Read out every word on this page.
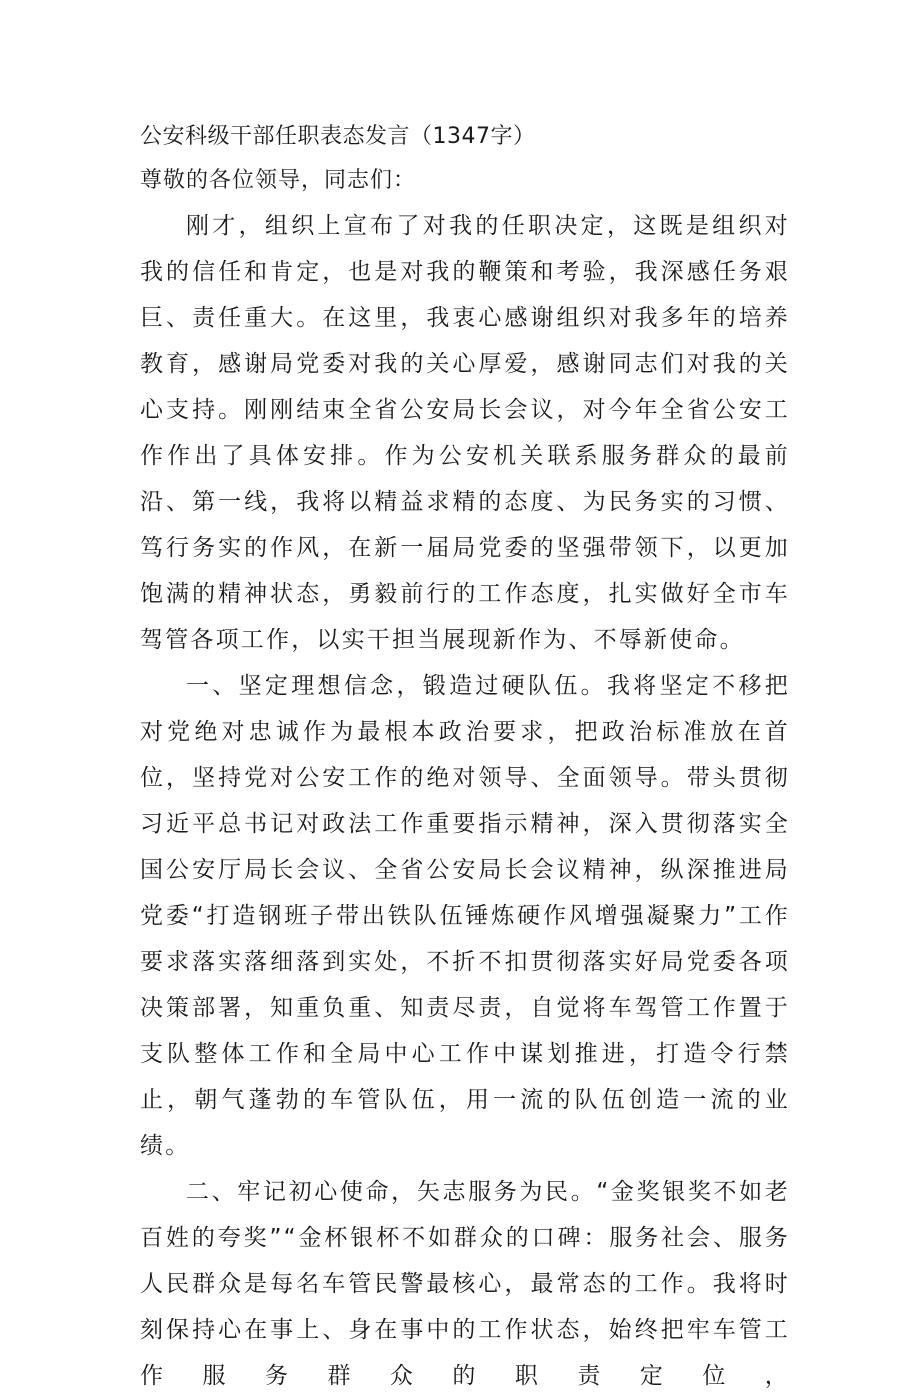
公安科级干部任职表态发言（1347字）
尊敬的各位领导，同志们：

刚才，组织上宣布了对我的任职决定，这既是组织对我的信任和肯定，也是对我的鞭策和考验，我深感任务艰巨、责任重大。在这里，我衷心感谢组织对我多年的培养教育，感谢局党委对我的关心厚爱，感谢同志们对我的关心支持。刚刚结束全省公安局长会议，对今年全省公安工作作出了具体安排。作为公安机关联系服务群众的最前沿、第一线，我将以精益求精的态度、为民务实的习惯、笃行务实的作风，在新一届局党委的坚强带领下，以更加饱满的精神状态，勇毅前行的工作态度，扎实做好全市车驾管各项工作，以实干担当展现新作为、不辱新使命。

一、坚定理想信念，锻造过硬队伍。我将坚定不移把对党绝对忠诚作为最根本政治要求，把政治标准放在首位，坚持党对公安工作的绝对领导、全面领导。带头贯彻习近平总书记对政法工作重要指示精神，深入贯彻落实全国公安厅局长会议、全省公安局长会议精神，纵深推进局党委“打造钢班子带出铁队伍锤炼硬作风增强凝聚力”工作要求落实落细落到实处，不折不扣贯彻落实好局党委各项决策部署，知重负重、知责尽责，自觉将车驾管工作置于支队整体工作和全局中心工作中谋划推进，打造令行禁止，朝气蓬勃的车管队伍，用一流的队伍创造一流的业绩。

二、牢记初心使命，矢志服务为民。“金奖银奖不如老百姓的夸奖”“金杯银杯不如群众的口碑：服务社会、服务人民群众是每名车管民警最核心，最常态的工作。我将时刻保持心在事上、身在事中的工作状态，始终把牢车管工作服务群众的职责定位，
